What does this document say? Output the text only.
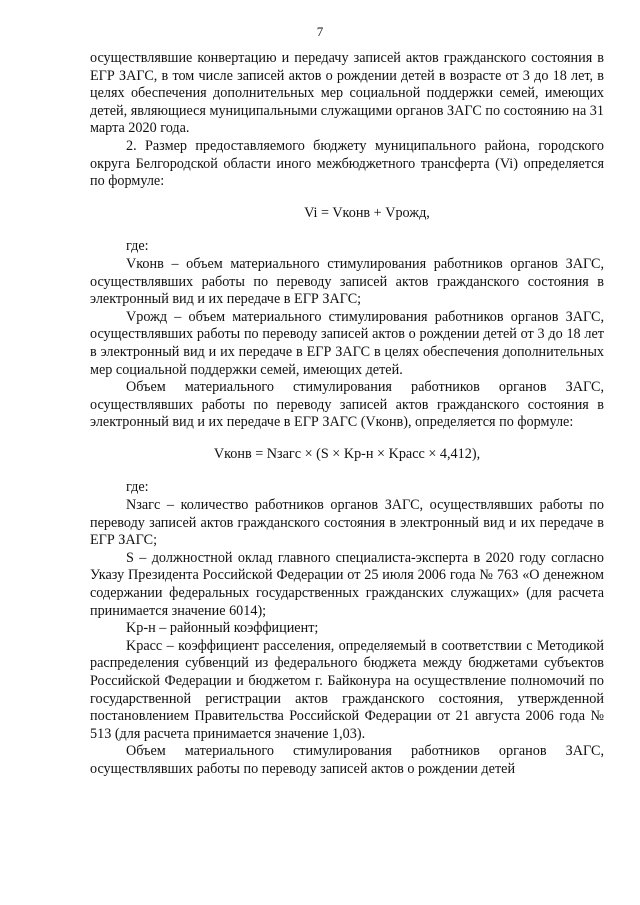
7

осуществлявшие конвертацию и передачу записей актов гражданского состояния в ЕГР ЗАГС, в том числе записей актов о рождении детей в возрасте от 3 до 18 лет, в целях обеспечения дополнительных мер социальной поддержки семей, имеющих детей, являющиеся муниципальными служащими органов ЗАГС по состоянию на 31 марта 2020 года.

2. Размер предоставляемого бюджету муниципального района, городского округа Белгородской области иного межбюджетного трансферта (Vi) определяется по формуле:

Vi = Vконв + Vрожд,

где:

Vконв – объем материального стимулирования работников органов ЗАГС, осуществлявших работы по переводу записей актов гражданского состояния в электронный вид и их передаче в ЕГР ЗАГС;

Vрожд – объем материального стимулирования работников органов ЗАГС, осуществлявших работы по переводу записей актов о рождении детей от 3 до 18 лет в электронный вид и их передаче в ЕГР ЗАГС в целях обеспечения дополнительных мер социальной поддержки семей, имеющих детей.

Объем материального стимулирования работников органов ЗАГС, осуществлявших работы по переводу записей актов гражданского состояния в электронный вид и их передаче в ЕГР ЗАГС (Vконв), определяется по формуле:

Vконв = Nзагс × (S × Kр-н × Kрасс × 4,412),

где:

Nзагс – количество работников органов ЗАГС, осуществлявших работы по переводу записей актов гражданского состояния в электронный вид и их передаче в ЕГР ЗАГС;

S – должностной оклад главного специалиста-эксперта в 2020 году согласно Указу Президента Российской Федерации от 25 июля 2006 года № 763 «О денежном содержании федеральных государственных гражданских служащих» (для расчета принимается значение 6014);

Kр-н – районный коэффициент;

Kрасс – коэффициент расселения, определяемый в соответствии с Методикой распределения субвенций из федерального бюджета между бюджетами субъектов Российской Федерации и бюджетом г. Байконура на осуществление полномочий по государственной регистрации актов гражданского состояния, утвержденной постановлением Правительства Российской Федерации от 21 августа 2006 года № 513 (для расчета принимается значение 1,03).

Объем материального стимулирования работников органов ЗАГС, осуществлявших работы по переводу записей актов о рождении детей
